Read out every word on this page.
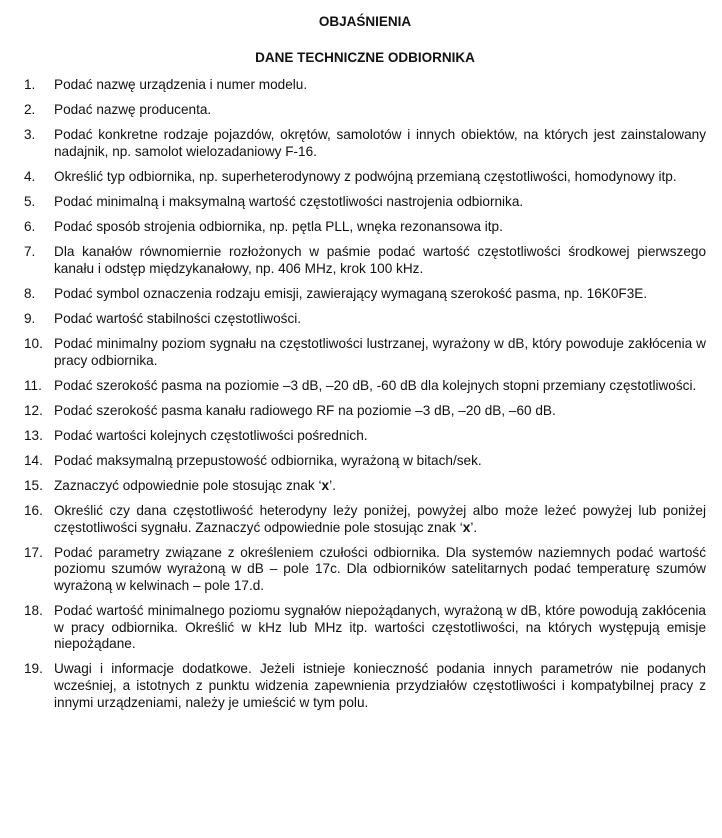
OBJAŚNIENIA
DANE TECHNICZNE ODBIORNIKA
1.	Podać nazwę urządzenia i numer modelu.
2.	Podać nazwę producenta.
3.	Podać konkretne rodzaje pojazdów, okrętów, samolotów i innych obiektów, na których jest zainstalowany nadajnik, np. samolot wielozadaniowy F-16.
4.	Określić typ odbiornika, np. superheterodynowy z podwójną przemianą częstotliwości, homodynowy itp.
5.	Podać minimalną i maksymalną wartość częstotliwości nastrojenia odbiornika.
6.	Podać sposób strojenia odbiornika, np. pętla PLL, wnęka rezonansowa itp.
7.	Dla kanałów równomiernie rozłożonych w paśmie podać wartość częstotliwości środkowej pierwszego kanału i odstęp międzykanałowy, np. 406 MHz, krok 100 kHz.
8.	Podać symbol oznaczenia rodzaju emisji, zawierający wymaganą szerokość pasma, np. 16K0F3E.
9.	Podać wartość stabilności częstotliwości.
10. Podać minimalny poziom sygnału na częstotliwości lustrzanej, wyrażony w dB, który powoduje zakłócenia w pracy odbiornika.
11. Podać szerokość pasma na poziomie –3 dB, –20 dB, -60 dB dla kolejnych stopni przemiany częstotliwości.
12. Podać szerokość pasma kanału radiowego RF na poziomie –3 dB, –20 dB, –60 dB.
13. Podać wartości kolejnych częstotliwości pośrednich.
14. Podać maksymalną przepustowość odbiornika, wyrażoną w bitach/sek.
15. Zaznaczyć odpowiednie pole stosując znak ‘x’.
16. Określić czy dana częstotliwość heterodyny leży poniżej, powyżej albo może leżeć powyżej lub poniżej częstotliwości sygnału. Zaznaczyć odpowiednie pole stosując znak ‘x’.
17. Podać parametry związane z określeniem czułości odbiornika. Dla systemów naziemnych podać wartość poziomu szumów wyrażoną w dB – pole 17c. Dla odbiorników satelitarnych podać temperaturę szumów wyrażoną w kelwinach – pole 17.d.
18. Podać wartość minimalnego poziomu sygnałów niepożądanych, wyrażoną w dB, które powodują zakłócenia w pracy odbiornika. Określić w kHz lub MHz itp. wartości częstotliwości, na których występują emisje niepożądane.
19. Uwagi i informacje dodatkowe. Jeżeli istnieje konieczność podania innych parametrów nie podanych wcześniej, a istotnych z punktu widzenia zapewnienia przydziałów częstotliwości i kompatybilnej pracy z innymi urządzeniami, należy je umieścić w tym polu.
